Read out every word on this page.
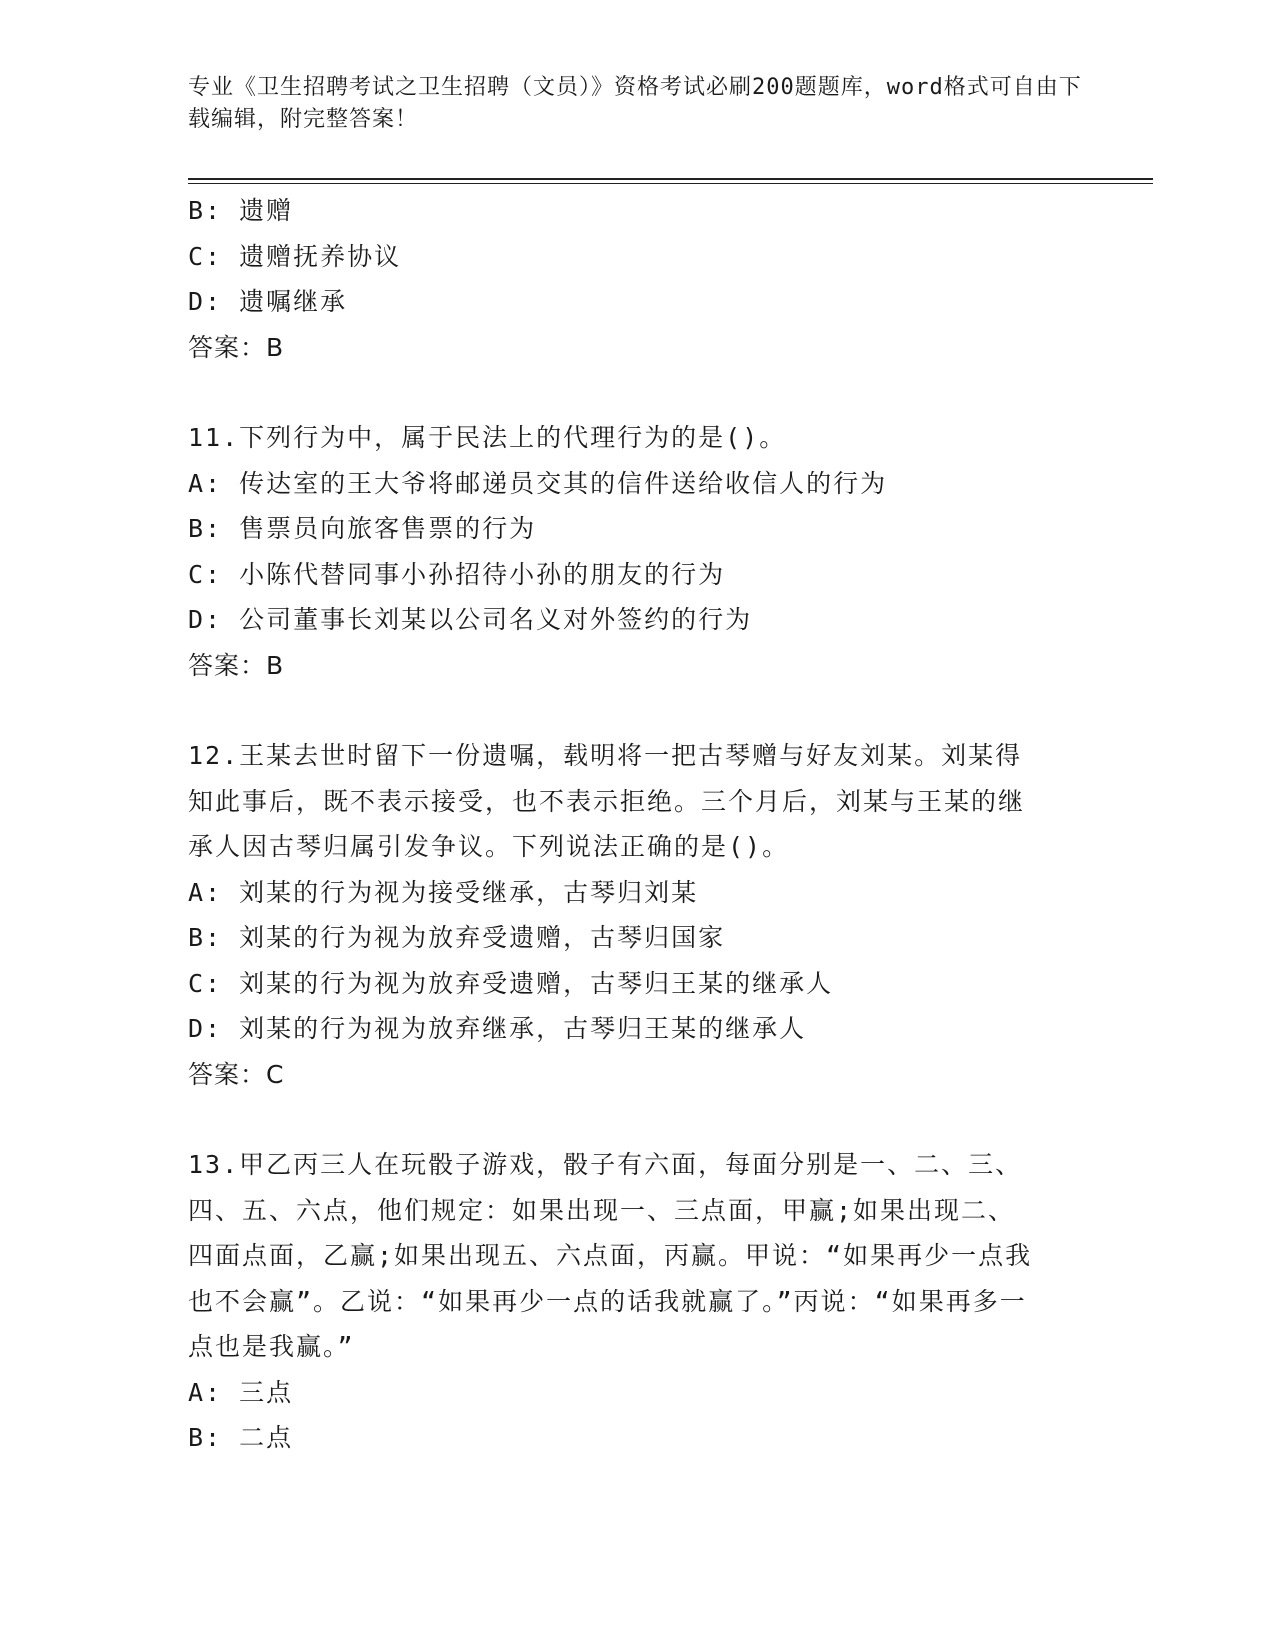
专业《卫生招聘考试之卫生招聘（文员）》资格考试必刷200题题库，word格式可自由下载编辑，附完整答案！
B: 遗赠
C: 遗赠抚养协议
D: 遗嘱继承
答案：B
11.下列行为中，属于民法上的代理行为的是()。
A: 传达室的王大爷将邮递员交其的信件送给收信人的行为
B: 售票员向旅客售票的行为
C: 小陈代替同事小孙招待小孙的朋友的行为
D: 公司董事长刘某以公司名义对外签约的行为
答案：B
12.王某去世时留下一份遗嘱，载明将一把古琴赠与好友刘某。刘某得知此事后，既不表示接受，也不表示拒绝。三个月后，刘某与王某的继承人因古琴归属引发争议。下列说法正确的是()。
A: 刘某的行为视为接受继承，古琴归刘某
B: 刘某的行为视为放弃受遗赠，古琴归国家
C: 刘某的行为视为放弃受遗赠，古琴归王某的继承人
D: 刘某的行为视为放弃继承，古琴归王某的继承人
答案：C
13.甲乙丙三人在玩骰子游戏，骰子有六面，每面分别是一、二、三、四、五、六点，他们规定：如果出现一、三点面，甲赢;如果出现二、四面点面，乙赢;如果出现五、六点面，丙赢。甲说：“如果再少一点我也不会赢”。乙说：“如果再少一点的话我就赢了。”丙说：“如果再多一点也是我赢。”
A: 三点
B: 二点
